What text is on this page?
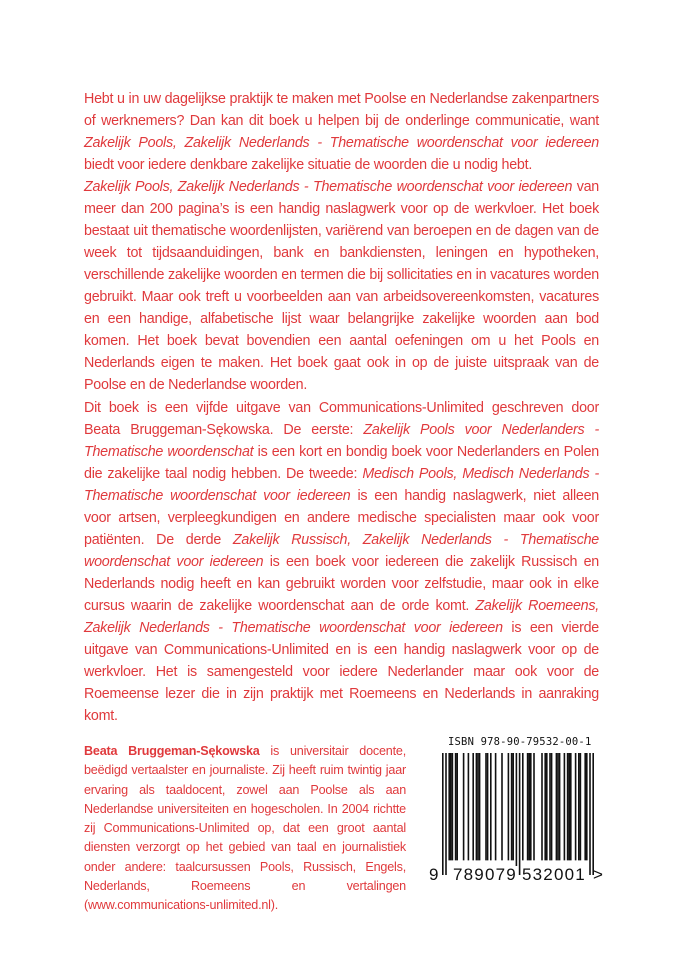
Hebt u in uw dagelijkse praktijk te maken met Poolse en Nederlandse zakenpartners of werknemers? Dan kan dit boek u helpen bij de onderlinge communicatie, want Zakelijk Pools, Zakelijk Nederlands - Thematische woordenschat voor iedereen biedt voor iedere denkbare zakelijke situatie de woorden die u nodig hebt.

Zakelijk Pools, Zakelijk Nederlands - Thematische woordenschat voor iedereen van meer dan 200 pagina’s is een handig naslagwerk voor op de werkvloer. Het boek bestaat uit thematische woordenlijsten, variërend van beroepen en de dagen van de week tot tijdsaanduidingen, bank en bankdiensten, leningen en hypotheken, verschillende zakelijke woorden en termen die bij sollicitaties en in vacatures worden gebruikt. Maar ook treft u voorbeelden aan van arbeidsovereenkomsten, vacatures en een handige, alfabetische lijst waar belangrijke zakelijke woorden aan bod komen. Het boek bevat bovendien een aantal oefeningen om u het Pools en Nederlands eigen te maken. Het boek gaat ook in op de juiste uitspraak van de Poolse en de Nederlandse woorden.

Dit boek is een vijfde uitgave van Communications-Unlimited geschreven door Beata Bruggeman-Sękowska. De eerste: Zakelijk Pools voor Nederlanders - Thematische woordenschat is een kort en bondig boek voor Nederlanders en Polen die zakelijke taal nodig hebben. De tweede: Medisch Pools, Medisch Nederlands - Thematische woordenschat voor iedereen is een handig naslagwerk, niet alleen voor artsen, verpleegkundigen en andere medische specialisten maar ook voor patiënten. De derde Zakelijk Russisch, Zakelijk Nederlands - Thematische woordenschat voor iedereen is een boek voor iedereen die zakelijk Russisch en Nederlands nodig heeft en kan gebruikt worden voor zelfstudie, maar ook in elke cursus waarin de zakelijke woordenschat aan de orde komt. Zakelijk Roemeens, Zakelijk Nederlands - Thematische woordenschat voor iedereen is een vierde uitgave van Communications-Unlimited en is een handig naslagwerk voor op de werkvloer. Het is samengesteld voor iedere Nederlander maar ook voor de Roemeense lezer die in zijn praktijk met Roemeens en Nederlands in aanraking komt.

Beata Bruggeman-Sękowska is universitair docente, beëdigd vertaalster en journaliste. Zij heeft ruim twintig jaar ervaring als taaldocent, zowel aan Poolse als aan Nederlandse universiteiten en hogescholen. In 2004 richtte zij Communications-Unlimited op, dat een groot aantal diensten verzorgt op het gebied van taal en journalistiek onder andere: taalcursussen Pools, Russisch, Engels, Nederlands, Roemeens en vertalingen (www.communications-unlimited.nl).

ISBN 978-90-79532-00-1
9 789079 532001 >
